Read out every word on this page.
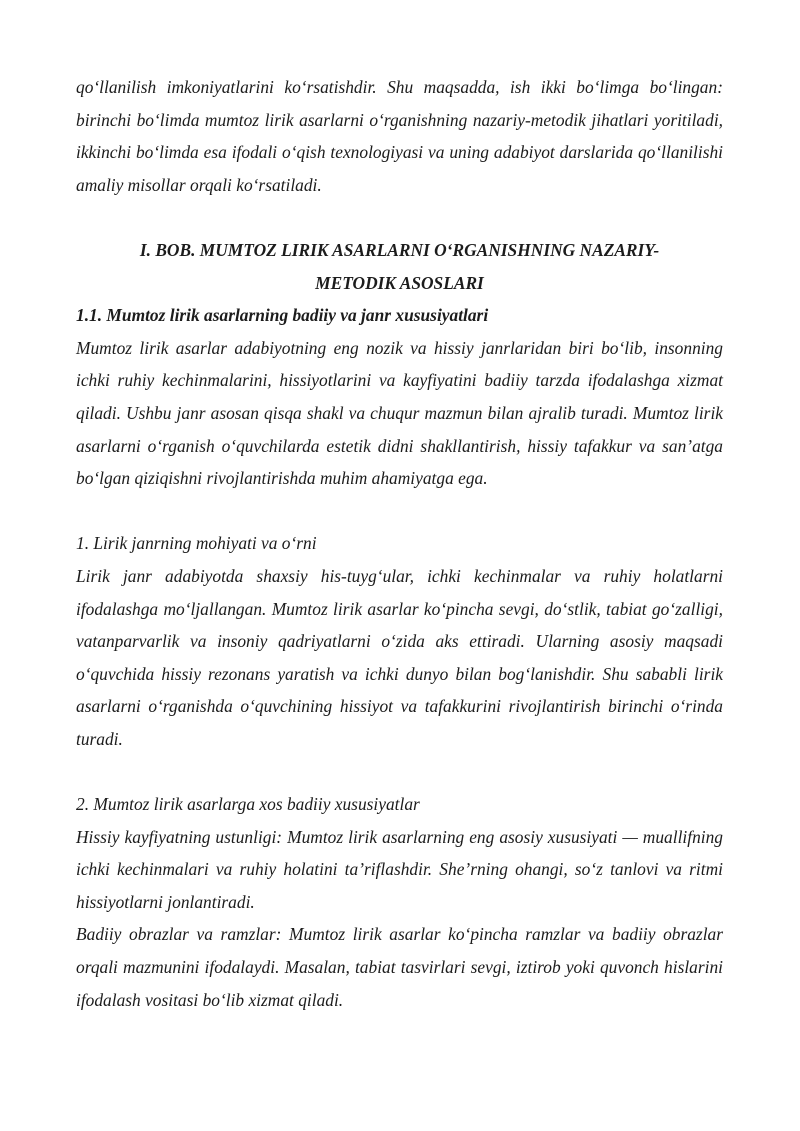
qo‘llanilish imkoniyatlarini ko‘rsatishdir. Shu maqsadda, ish ikki bo‘limga bo‘lingan: birinchi bo‘limda mumtoz lirik asarlarni o‘rganishning nazariy-metodik jihatlari yoritiladi, ikkinchi bo‘limda esa ifodali o‘qish texnologiyasi va uning adabiyot darslarida qo‘llanilishi amaliy misollar orqali ko‘rsatiladi.

I. BOB. MUMTOZ LIRIK ASARLARNI O‘RGANISHNING NAZARIY-
METODIK ASOSLARI

1.1. Mumtoz lirik asarlarning badiiy va janr xususiyatlari

Mumtoz lirik asarlar adabiyotning eng nozik va hissiy janrlaridan biri bo‘lib, insonning ichki ruhiy kechinmalarini, hissiyotlarini va kayfiyatini badiiy tarzda ifodalashga xizmat qiladi. Ushbu janr asosan qisqa shakl va chuqur mazmun bilan ajralib turadi. Mumtoz lirik asarlarni o‘rganish o‘quvchilarda estetik didni shakllantirish, hissiy tafakkur va san’atga bo‘lgan qiziqishni rivojlantirishda muhim ahamiyatga ega.

1. Lirik janrning mohiyati va o‘rni

Lirik janr adabiyotda shaxsiy his-tuyg‘ular, ichki kechinmalar va ruhiy holatlarni ifodalashga mo‘ljallangan. Mumtoz lirik asarlar ko‘pincha sevgi, do‘stlik, tabiat go‘zalligi, vatanparvarlik va insoniy qadriyatlarni o‘zida aks ettiradi. Ularning asosiy maqsadi o‘quvchida hissiy rezonans yaratish va ichki dunyo bilan bog‘lanishdir. Shu sababli lirik asarlarni o‘rganishda o‘quvchining hissiyot va tafakkurini rivojlantirish birinchi o‘rinda turadi.

2. Mumtoz lirik asarlarga xos badiiy xususiyatlar

Hissiy kayfiyatning ustunligi: Mumtoz lirik asarlarning eng asosiy xususiyati — muallifning ichki kechinmalari va ruhiy holatini ta’riflashdir. She’rning ohangi, so‘z tanlovi va ritmi hissiyotlarni jonlantiradi.

Badiiy obrazlar va ramzlar: Mumtoz lirik asarlar ko‘pincha ramzlar va badiiy obrazlar orqali mazmunini ifodalaydi. Masalan, tabiat tasvirlari sevgi, iztirob yoki quvonch hislarini ifodalash vositasi bo‘lib xizmat qiladi.
